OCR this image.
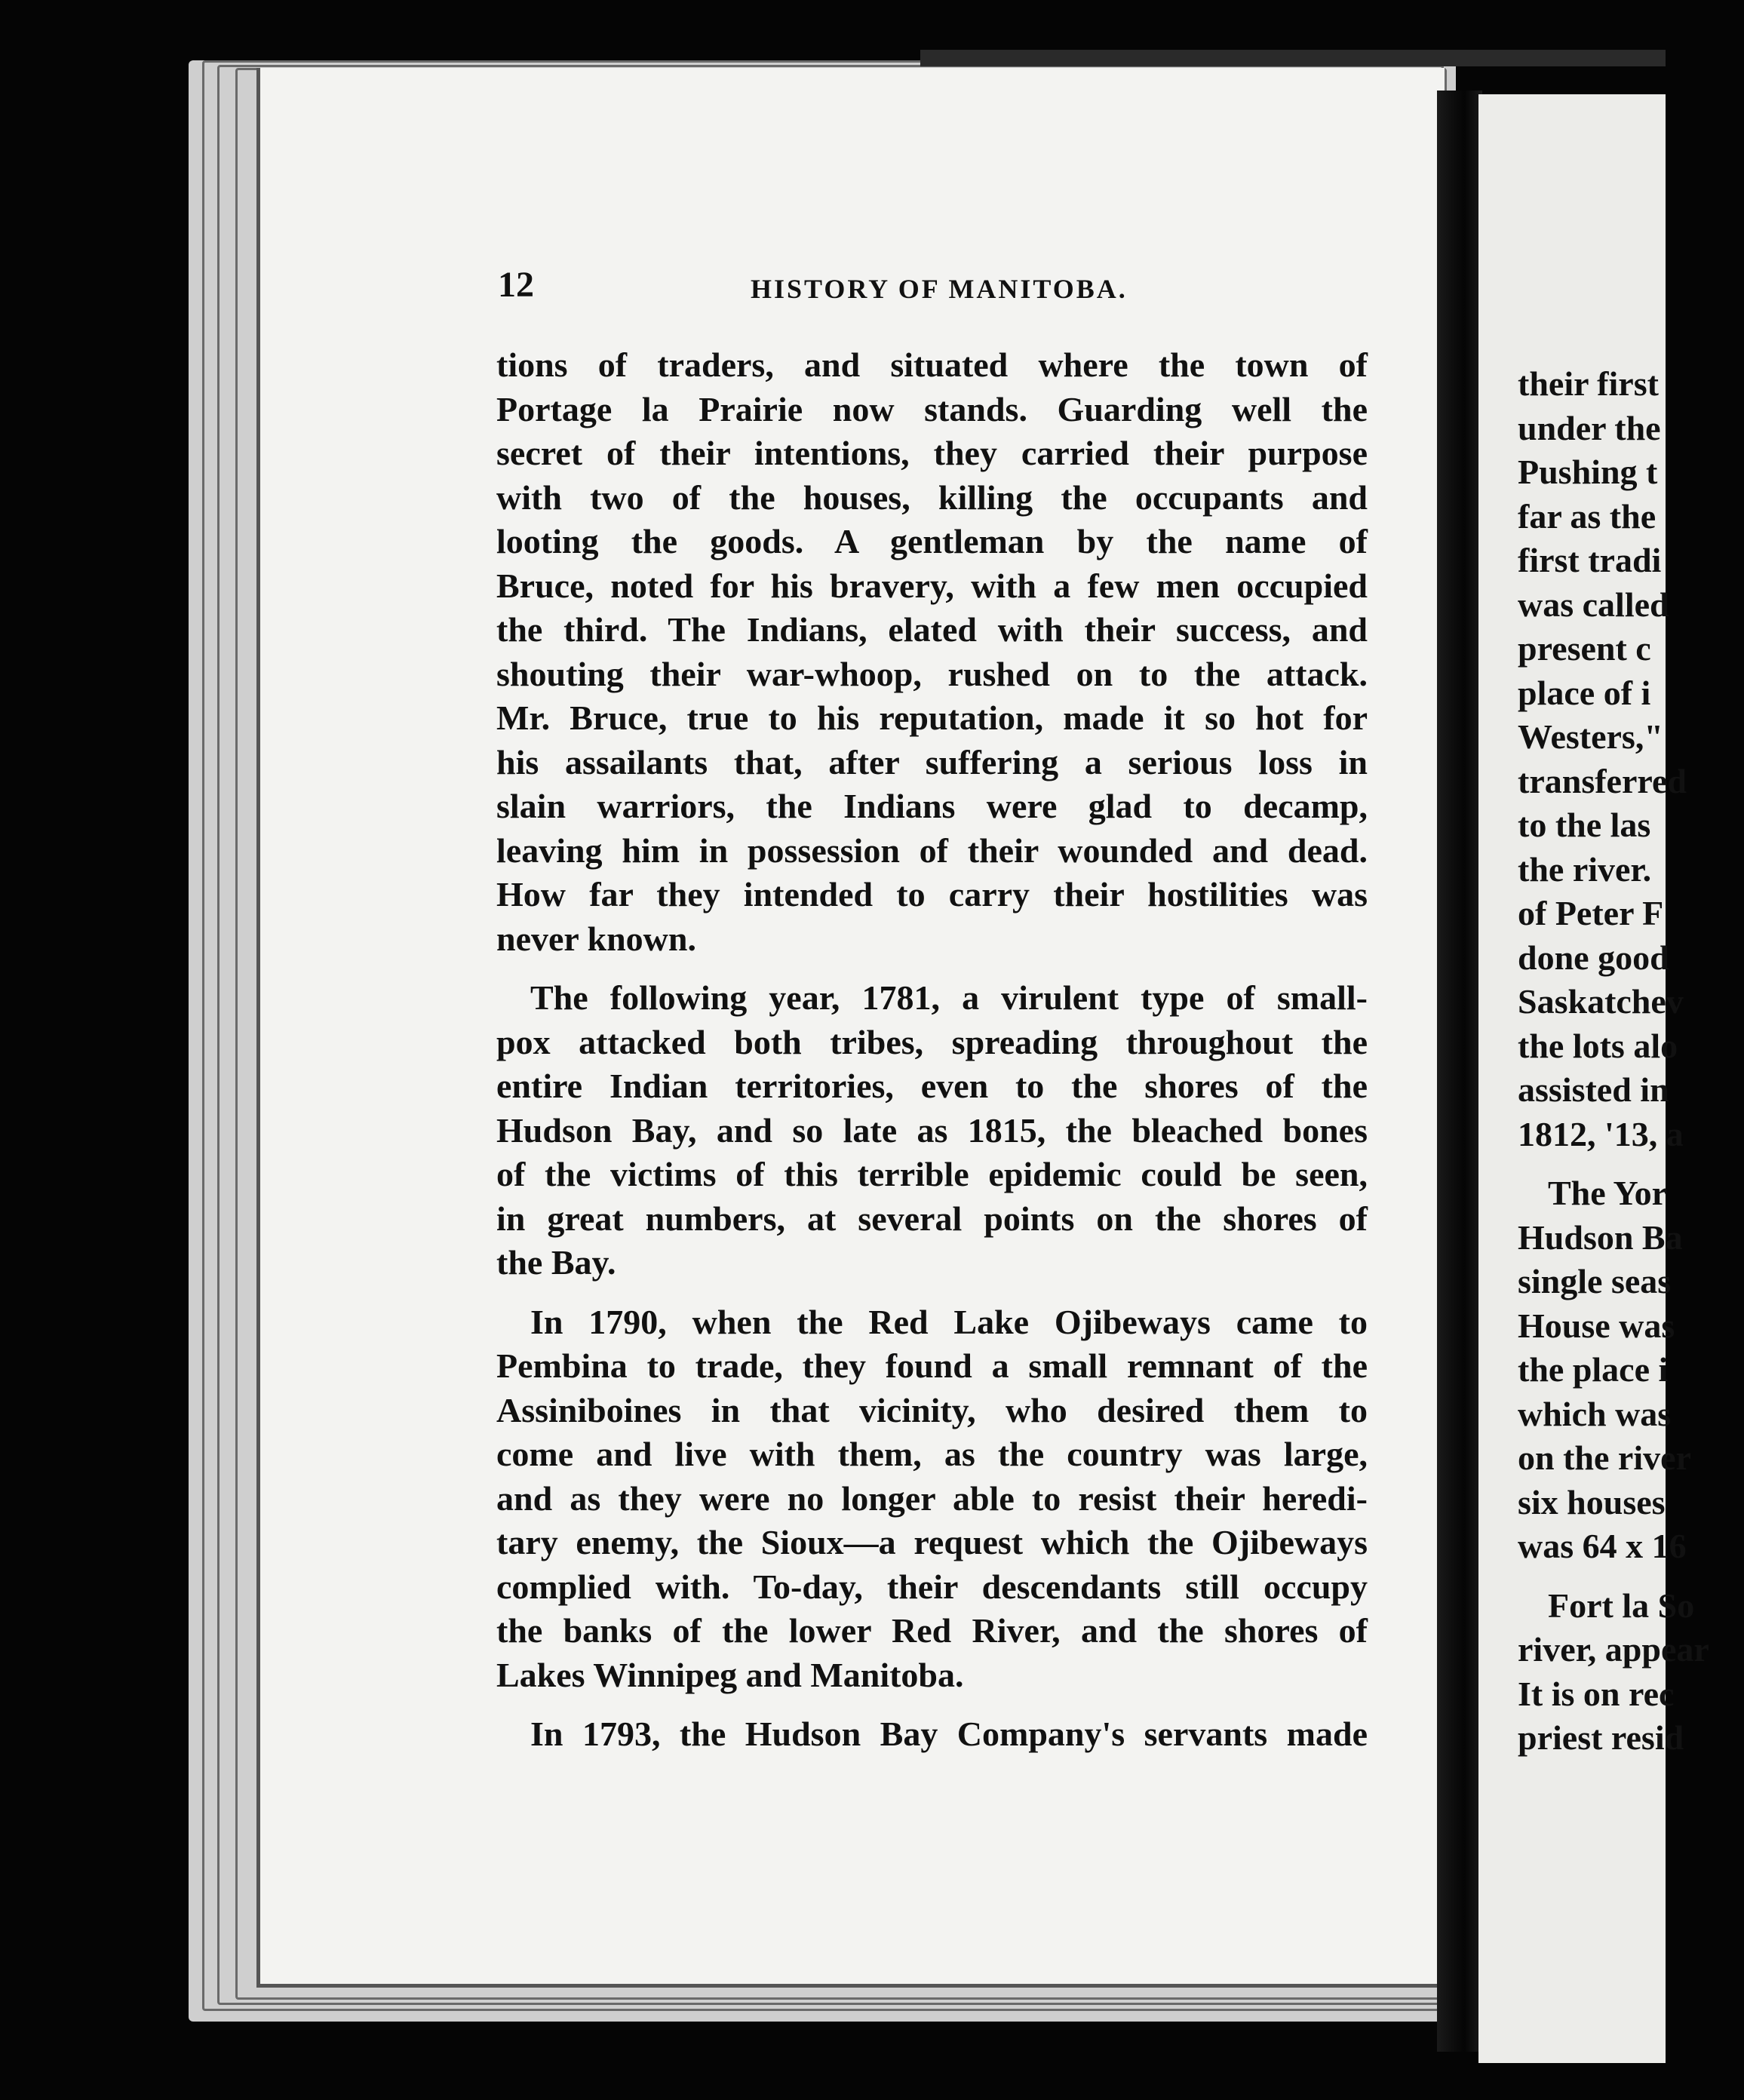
12	HISTORY OF MANITOBA.
tions of traders, and situated where the town of
Portage la Prairie now stands. Guarding well the
secret of their intentions, they carried their purpose
with two of the houses, killing the occupants and
looting the goods. A gentleman by the name of
Bruce, noted for his bravery, with a few men occupied
the third. The Indians, elated with their success, and
shouting their war-whoop, rushed on to the attack.
Mr. Bruce, true to his reputation, made it so hot for
his assailants that, after suffering a serious loss in
slain warriors, the Indians were glad to decamp,
leaving him in possession of their wounded and dead.
How far they intended to carry their hostilities was
never known.
The following year, 1781, a virulent type of small-
pox attacked both tribes, spreading throughout the
entire Indian territories, even to the shores of the
Hudson Bay, and so late as 1815, the bleached bones
of the victims of this terrible epidemic could be seen,
in great numbers, at several points on the shores of
the Bay.
In 1790, when the Red Lake Ojibeways came to
Pembina to trade, they found a small remnant of the
Assiniboines in that vicinity, who desired them to
come and live with them, as the country was large,
and as they were no longer able to resist their heredi-
tary enemy, the Sioux—a request which the Ojibeways
complied with. To-day, their descendants still occupy
the banks of the lower Red River, and the shores of
Lakes Winnipeg and Manitoba.
In 1793, the Hudson Bay Company's servants made
their first
under the
Pushing t
far as the
first tradi
was called
present c
place of i
Westers,"
transferred
to the las
the river.
of Peter F
done good
Saskatchev
the lots alo
assisted in
1812, '13, a
The Yor
Hudson Ba
single seas
House was
the place i
which was
on the river
six houses
was 64 x 16
Fort la So
river, appear
It is on rec
priest resid
